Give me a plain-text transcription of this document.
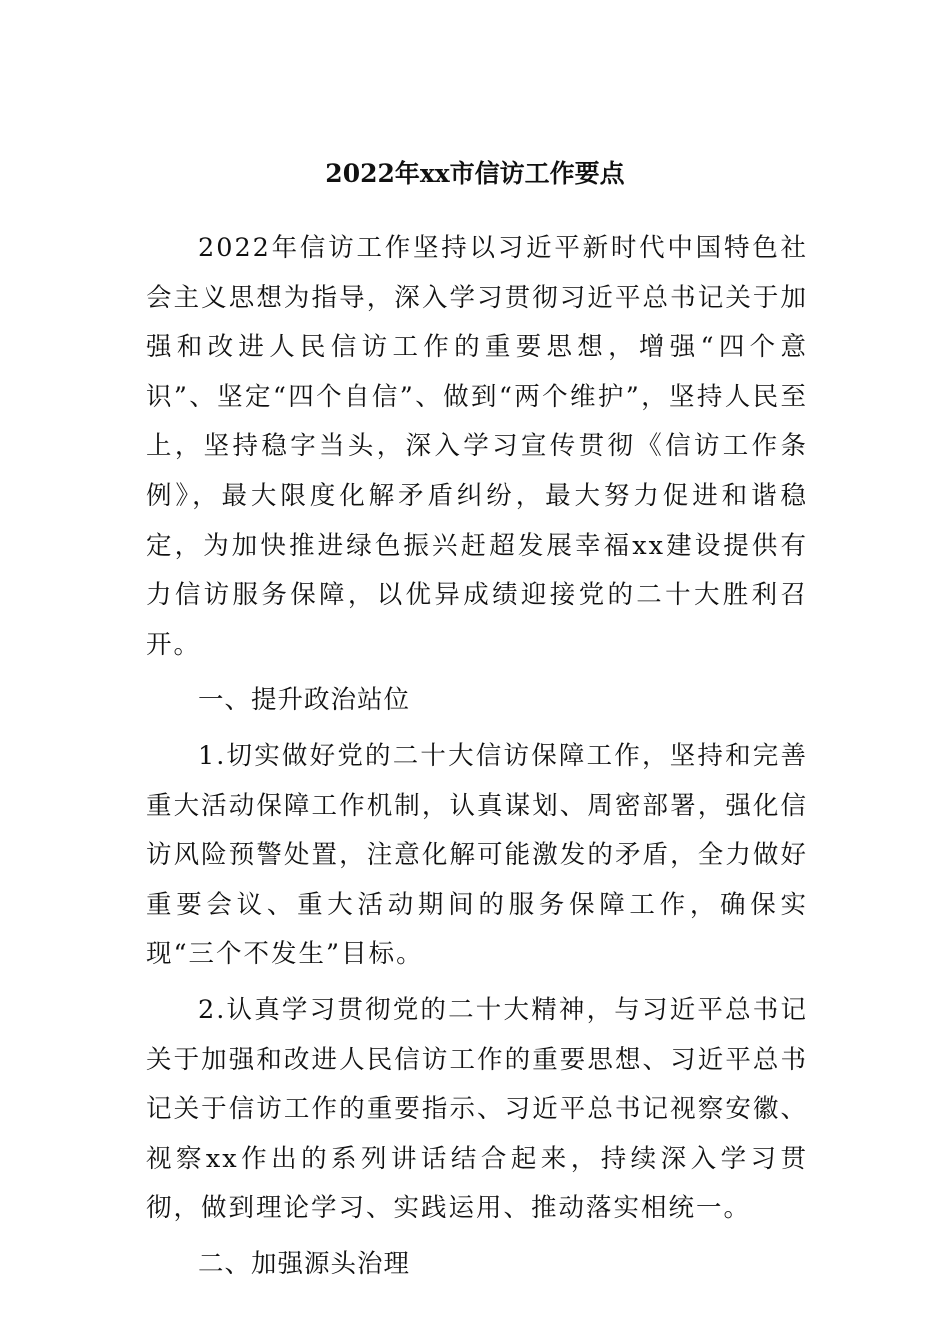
2022年xx市信访工作要点

2022年信访工作坚持以习近平新时代中国特色社会主义思想为指导，深入学习贯彻习近平总书记关于加强和改进人民信访工作的重要思想，增强“四个意识”、坚定“四个自信”、做到“两个维护”，坚持人民至上，坚持稳字当头，深入学习宣传贯彻《信访工作条例》，最大限度化解矛盾纠纷，最大努力促进和谐稳定，为加快推进绿色振兴赶超发展幸福xx建设提供有力信访服务保障，以优异成绩迎接党的二十大胜利召开。

一、提升政治站位

1.切实做好党的二十大信访保障工作，坚持和完善重大活动保障工作机制，认真谋划、周密部署，强化信访风险预警处置，注意化解可能激发的矛盾，全力做好重要会议、重大活动期间的服务保障工作，确保实现“三个不发生”目标。

2.认真学习贯彻党的二十大精神，与习近平总书记关于加强和改进人民信访工作的重要思想、习近平总书记关于信访工作的重要指示、习近平总书记视察安徽、视察xx作出的系列讲话结合起来，持续深入学习贯彻，做到理论学习、实践运用、推动落实相统一。

二、加强源头治理
